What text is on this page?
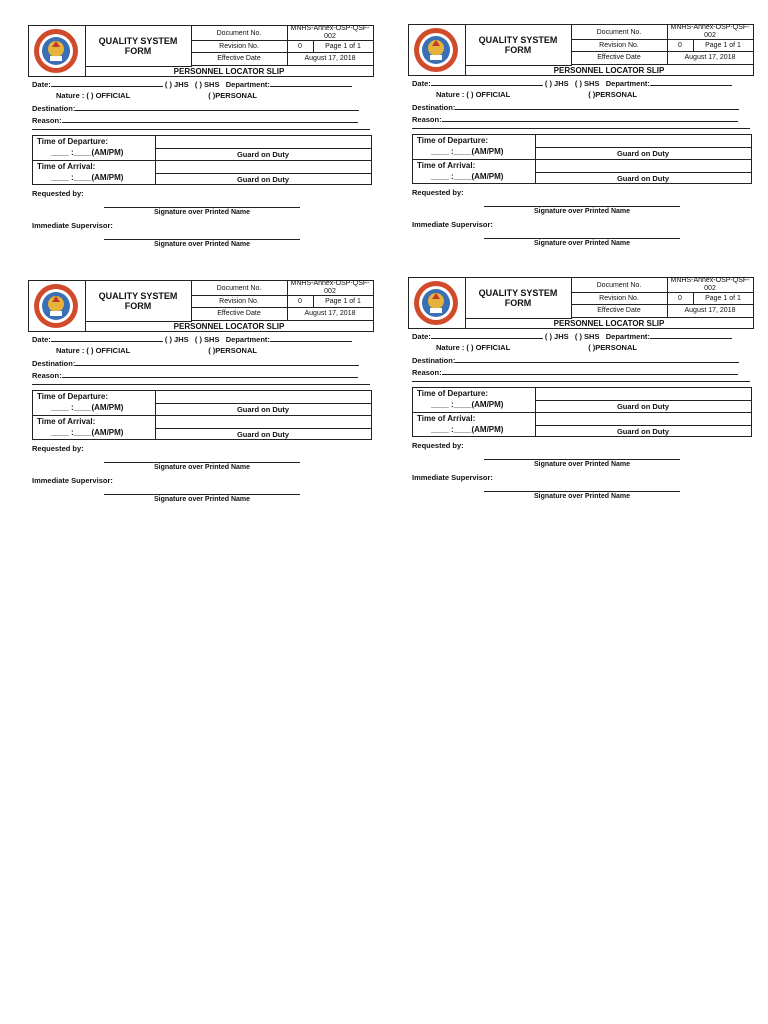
QUALITY SYSTEM FORM
Document No.
MNHS-Annex-OSP-QSF-002
Revision No.	0	Page 1 of 1
Effective Date	August 17, 2018
PERSONNEL LOCATOR SLIP
Date:	( ) JHS ( ) SHS Department:
Nature : ( ) OFFICIAL	( )PERSONAL
Destination:
Reason:
Time of Departure:
____ :____(AM/PM)	Guard on Duty
Time of Arrival:
____ :____(AM/PM)	Guard on Duty
Requested by:
Signature over Printed Name
Immediate Supervisor:
Signature over Printed Name
QUALITY SYSTEM FORM
Document No.
MNHS-Annex-OSP-QSF-002
Revision No.	0	Page 1 of 1
Effective Date	August 17, 2018
PERSONNEL LOCATOR SLIP
Date:	( ) JHS ( ) SHS Department:
Nature : ( ) OFFICIAL	( )PERSONAL
Destination:
Reason:
Time of Departure:
____ :____(AM/PM)	Guard on Duty
Time of Arrival:
____ :____(AM/PM)	Guard on Duty
Requested by:
Signature over Printed Name
Immediate Supervisor:
Signature over Printed Name
QUALITY SYSTEM FORM
Document No.
MNHS-Annex-OSP-QSF-002
Revision No.	0	Page 1 of 1
Effective Date	August 17, 2018
PERSONNEL LOCATOR SLIP
Date:	( ) JHS ( ) SHS Department:
Nature : ( ) OFFICIAL	( )PERSONAL
Destination:
Reason:
Time of Departure:
____ :____(AM/PM)	Guard on Duty
Time of Arrival:
____ :____(AM/PM)	Guard on Duty
Requested by:
Signature over Printed Name
Immediate Supervisor:
Signature over Printed Name
QUALITY SYSTEM FORM
Document No.
MNHS-Annex-OSP-QSF-002
Revision No.	0	Page 1 of 1
Effective Date	August 17, 2018
PERSONNEL LOCATOR SLIP
Date:	( ) JHS ( ) SHS Department:
Nature : ( ) OFFICIAL	( )PERSONAL
Destination:
Reason:
Time of Departure:
____ :____(AM/PM)	Guard on Duty
Time of Arrival:
____ :____(AM/PM)	Guard on Duty
Requested by:
Signature over Printed Name
Immediate Supervisor:
Signature over Printed Name
